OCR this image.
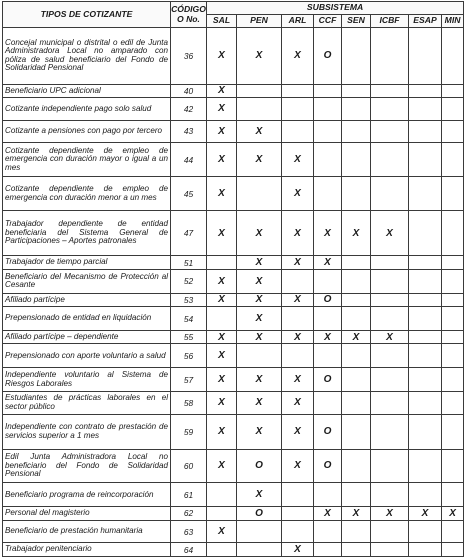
TIPOS DE COTIZANTE	CÓDIGO O No.	SUBSISTEMA							
		SAL	PEN	ARL	CCF	SEN	ICBF	ESAP	MIN
Concejal municipal o distrital o edil de Junta Administradora Local no amparado con póliza de salud beneficiario del Fondo de Solidaridad Pensional	36	X	X	X	O				
Beneficiario UPC adicional	40	X							
Cotizante independiente pago solo salud	42	X							
Cotizante a pensiones con pago por tercero	43	X	X						
Cotizante dependiente de empleo de emergencia con duración mayor o igual a un mes	44	X	X	X					
Cotizante dependiente de empleo de emergencia con duración menor a un mes	45	X		X					
Trabajador dependiente de entidad beneficiaria del Sistema General de Participaciones – Aportes patronales	47	X	X	X	X	X	X		
Trabajador de tiempo parcial	51		X	X	X				
Beneficiario del Mecanismo de Protección al Cesante	52	X	X						
Afiliado partícipe	53	X	X	X	O				
Prepensionado de entidad en liquidación	54		X						
Afiliado partícipe – dependiente	55	X	X	X	X	X	X		
Prepensionado con aporte voluntario a salud	56	X							
Independiente voluntario al Sistema de Riesgos Laborales	57	X	X	X	O				
Estudiantes de prácticas laborales en el sector público	58	X	X	X					
Independiente con contrato de prestación de servicios superior a 1 mes	59	X	X	X	O				
Edil Junta Administradora Local no beneficiario del Fondo de Solidaridad Pensional	60	X	O	X	O				
Beneficiario programa de reincorporación	61		X						
Personal del magisterio	62		O		X	X	X	X	X
Beneficiario de prestación humanitaria	63	X							
Trabajador penitenciario	64			X					
